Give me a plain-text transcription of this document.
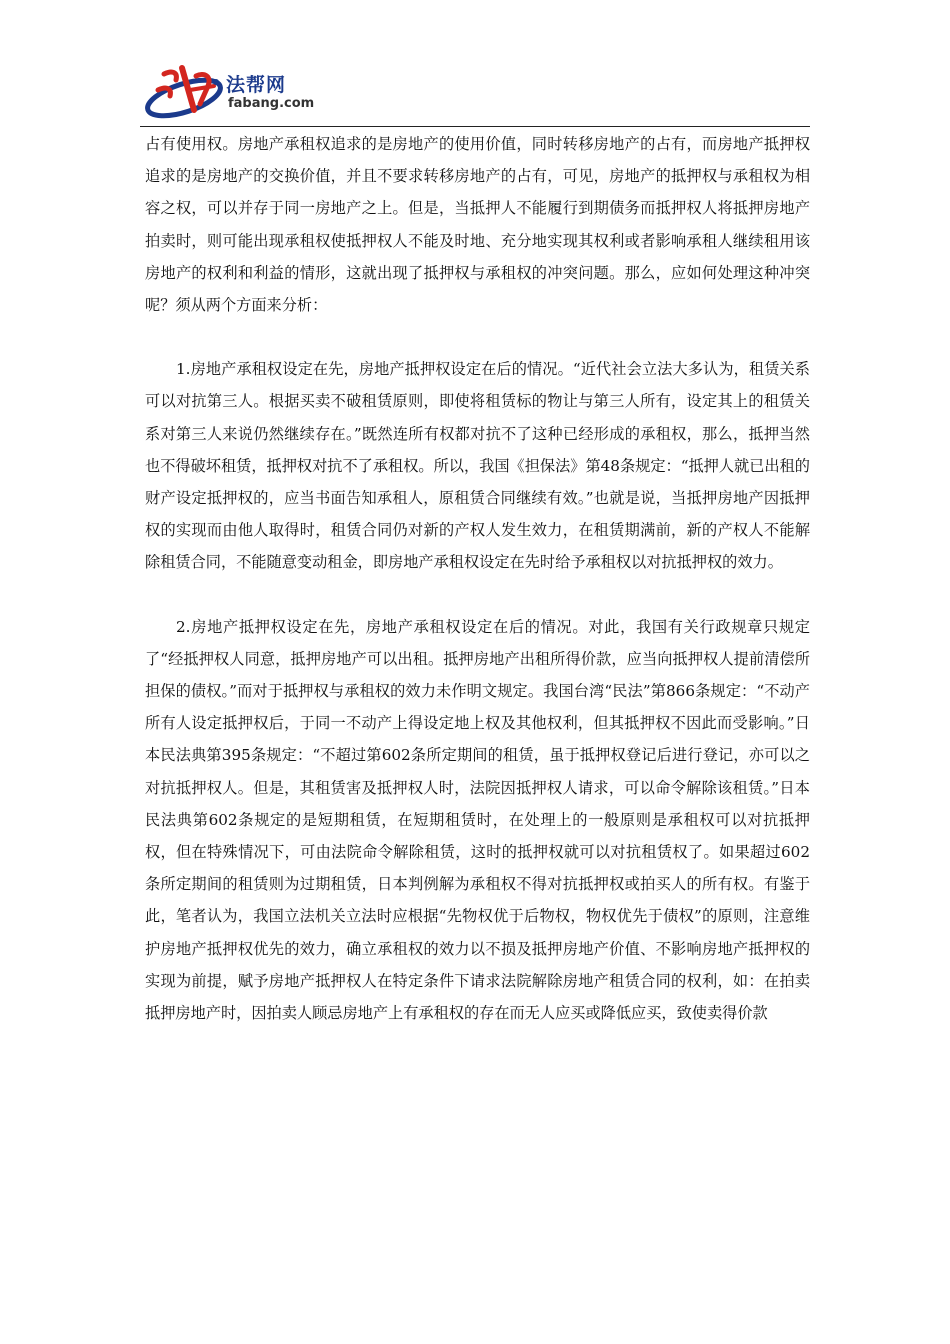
法帮网
fabang.com

占有使用权。房地产承租权追求的是房地产的使用价值，同时转移房地产的占有，而房地产抵押权追求的是房地产的交换价值，并且不要求转移房地产的占有，可见，房地产的抵押权与承租权为相容之权，可以并存于同一房地产之上。但是，当抵押人不能履行到期债务而抵押权人将抵押房地产拍卖时，则可能出现承租权使抵押权人不能及时地、充分地实现其权利或者影响承租人继续租用该房地产的权利和利益的情形，这就出现了抵押权与承租权的冲突问题。那么，应如何处理这种冲突呢？须从两个方面来分析：

1.房地产承租权设定在先，房地产抵押权设定在后的情况。“近代社会立法大多认为，租赁关系可以对抗第三人。根据买卖不破租赁原则，即使将租赁标的物让与第三人所有，设定其上的租赁关系对第三人来说仍然继续存在。”既然连所有权都对抗不了这种已经形成的承租权，那么，抵押当然也不得破坏租赁，抵押权对抗不了承租权。所以，我国《担保法》第48条规定：“抵押人就已出租的财产设定抵押权的，应当书面告知承租人，原租赁合同继续有效。”也就是说，当抵押房地产因抵押权的实现而由他人取得时，租赁合同仍对新的产权人发生效力，在租赁期满前，新的产权人不能解除租赁合同，不能随意变动租金，即房地产承租权设定在先时给予承租权以对抗抵押权的效力。

2.房地产抵押权设定在先，房地产承租权设定在后的情况。对此，我国有关行政规章只规定了“经抵押权人同意，抵押房地产可以出租。抵押房地产出租所得价款，应当向抵押权人提前清偿所担保的债权。”而对于抵押权与承租权的效力未作明文规定。我国台湾“民法”第866条规定：“不动产所有人设定抵押权后，于同一不动产上得设定地上权及其他权利，但其抵押权不因此而受影响。”日本民法典第395条规定：“不超过第602条所定期间的租赁，虽于抵押权登记后进行登记，亦可以之对抗抵押权人。但是，其租赁害及抵押权人时，法院因抵押权人请求，可以命令解除该租赁。”日本民法典第602条规定的是短期租赁，在短期租赁时，在处理上的一般原则是承租权可以对抗抵押权，但在特殊情况下，可由法院命令解除租赁，这时的抵押权就可以对抗租赁权了。如果超过602条所定期间的租赁则为过期租赁，日本判例解为承租权不得对抗抵押权或拍买人的所有权。有鉴于此，笔者认为，我国立法机关立法时应根据“先物权优于后物权，物权优先于债权”的原则，注意维护房地产抵押权优先的效力，确立承租权的效力以不损及抵押房地产价值、不影响房地产抵押权的实现为前提，赋予房地产抵押权人在特定条件下请求法院解除房地产租赁合同的权利，如：在拍卖抵押房地产时，因拍卖人顾忌房地产上有承租权的存在而无人应买或降低应买，致使卖得价款
